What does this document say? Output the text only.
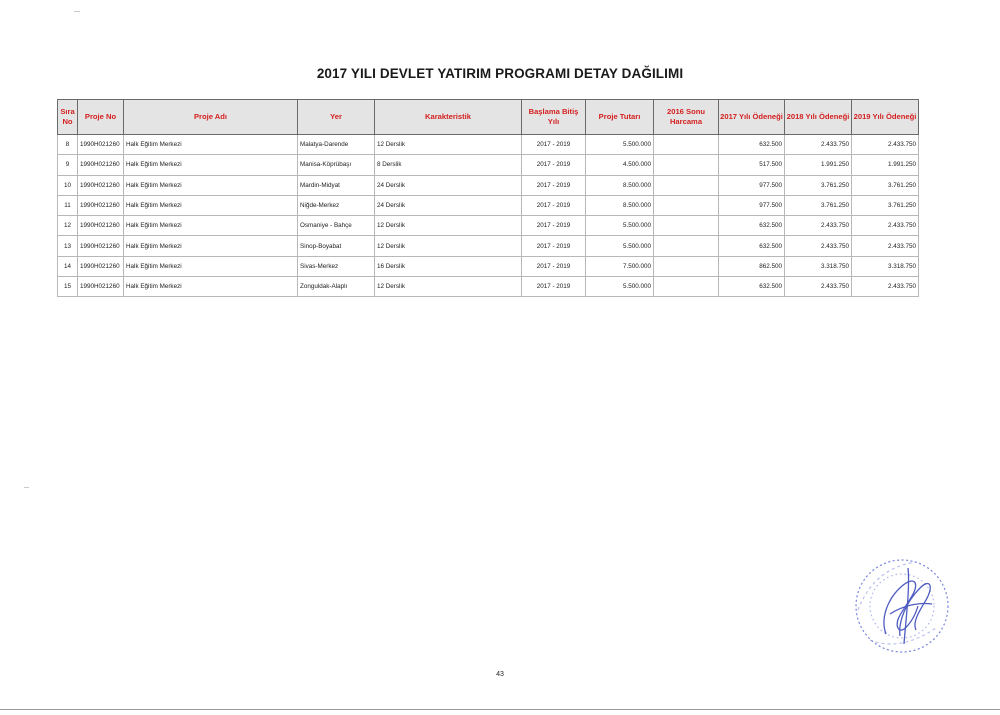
2017 YILI DEVLET YATIRIM PROGRAMI DETAY DAĞILIMI
Sıra No	Proje No	Proje Adı	Yer	Karakteristik	Başlama Bitiş Yılı	Proje Tutarı	2016 Sonu Harcama	2017 Yılı Ödeneği	2018 Yılı Ödeneği	2019 Yılı Ödeneği
8	1990H021260	Halk Eğitim Merkezi	Malatya-Darende	12 Derslik	2017 - 2019	5.500.000		632.500	2.433.750	2.433.750
9	1990H021260	Halk Eğitim Merkezi	Manisa-Köprübaşı	8 Derslik	2017 - 2019	4.500.000		517.500	1.991.250	1.991.250
10	1990H021260	Halk Eğitim Merkezi	Mardin-Midyat	24 Derslik	2017 - 2019	8.500.000		977.500	3.761.250	3.761.250
11	1990H021260	Halk Eğitim Merkezi	Niğde-Merkez	24 Derslik	2017 - 2019	8.500.000		977.500	3.761.250	3.761.250
12	1990H021260	Halk Eğitim Merkezi	Osmaniye - Bahçe	12 Derslik	2017 - 2019	5.500.000		632.500	2.433.750	2.433.750
13	1990H021260	Halk Eğitim Merkezi	Sinop-Boyabat	12 Derslik	2017 - 2019	5.500.000		632.500	2.433.750	2.433.750
14	1990H021260	Halk Eğitim Merkezi	Sivas-Merkez	16 Derslik	2017 - 2019	7.500.000		862.500	3.318.750	3.318.750
15	1990H021260	Halk Eğitim Merkezi	Zonguldak-Alaplı	12 Derslik	2017 - 2019	5.500.000		632.500	2.433.750	2.433.750
43
